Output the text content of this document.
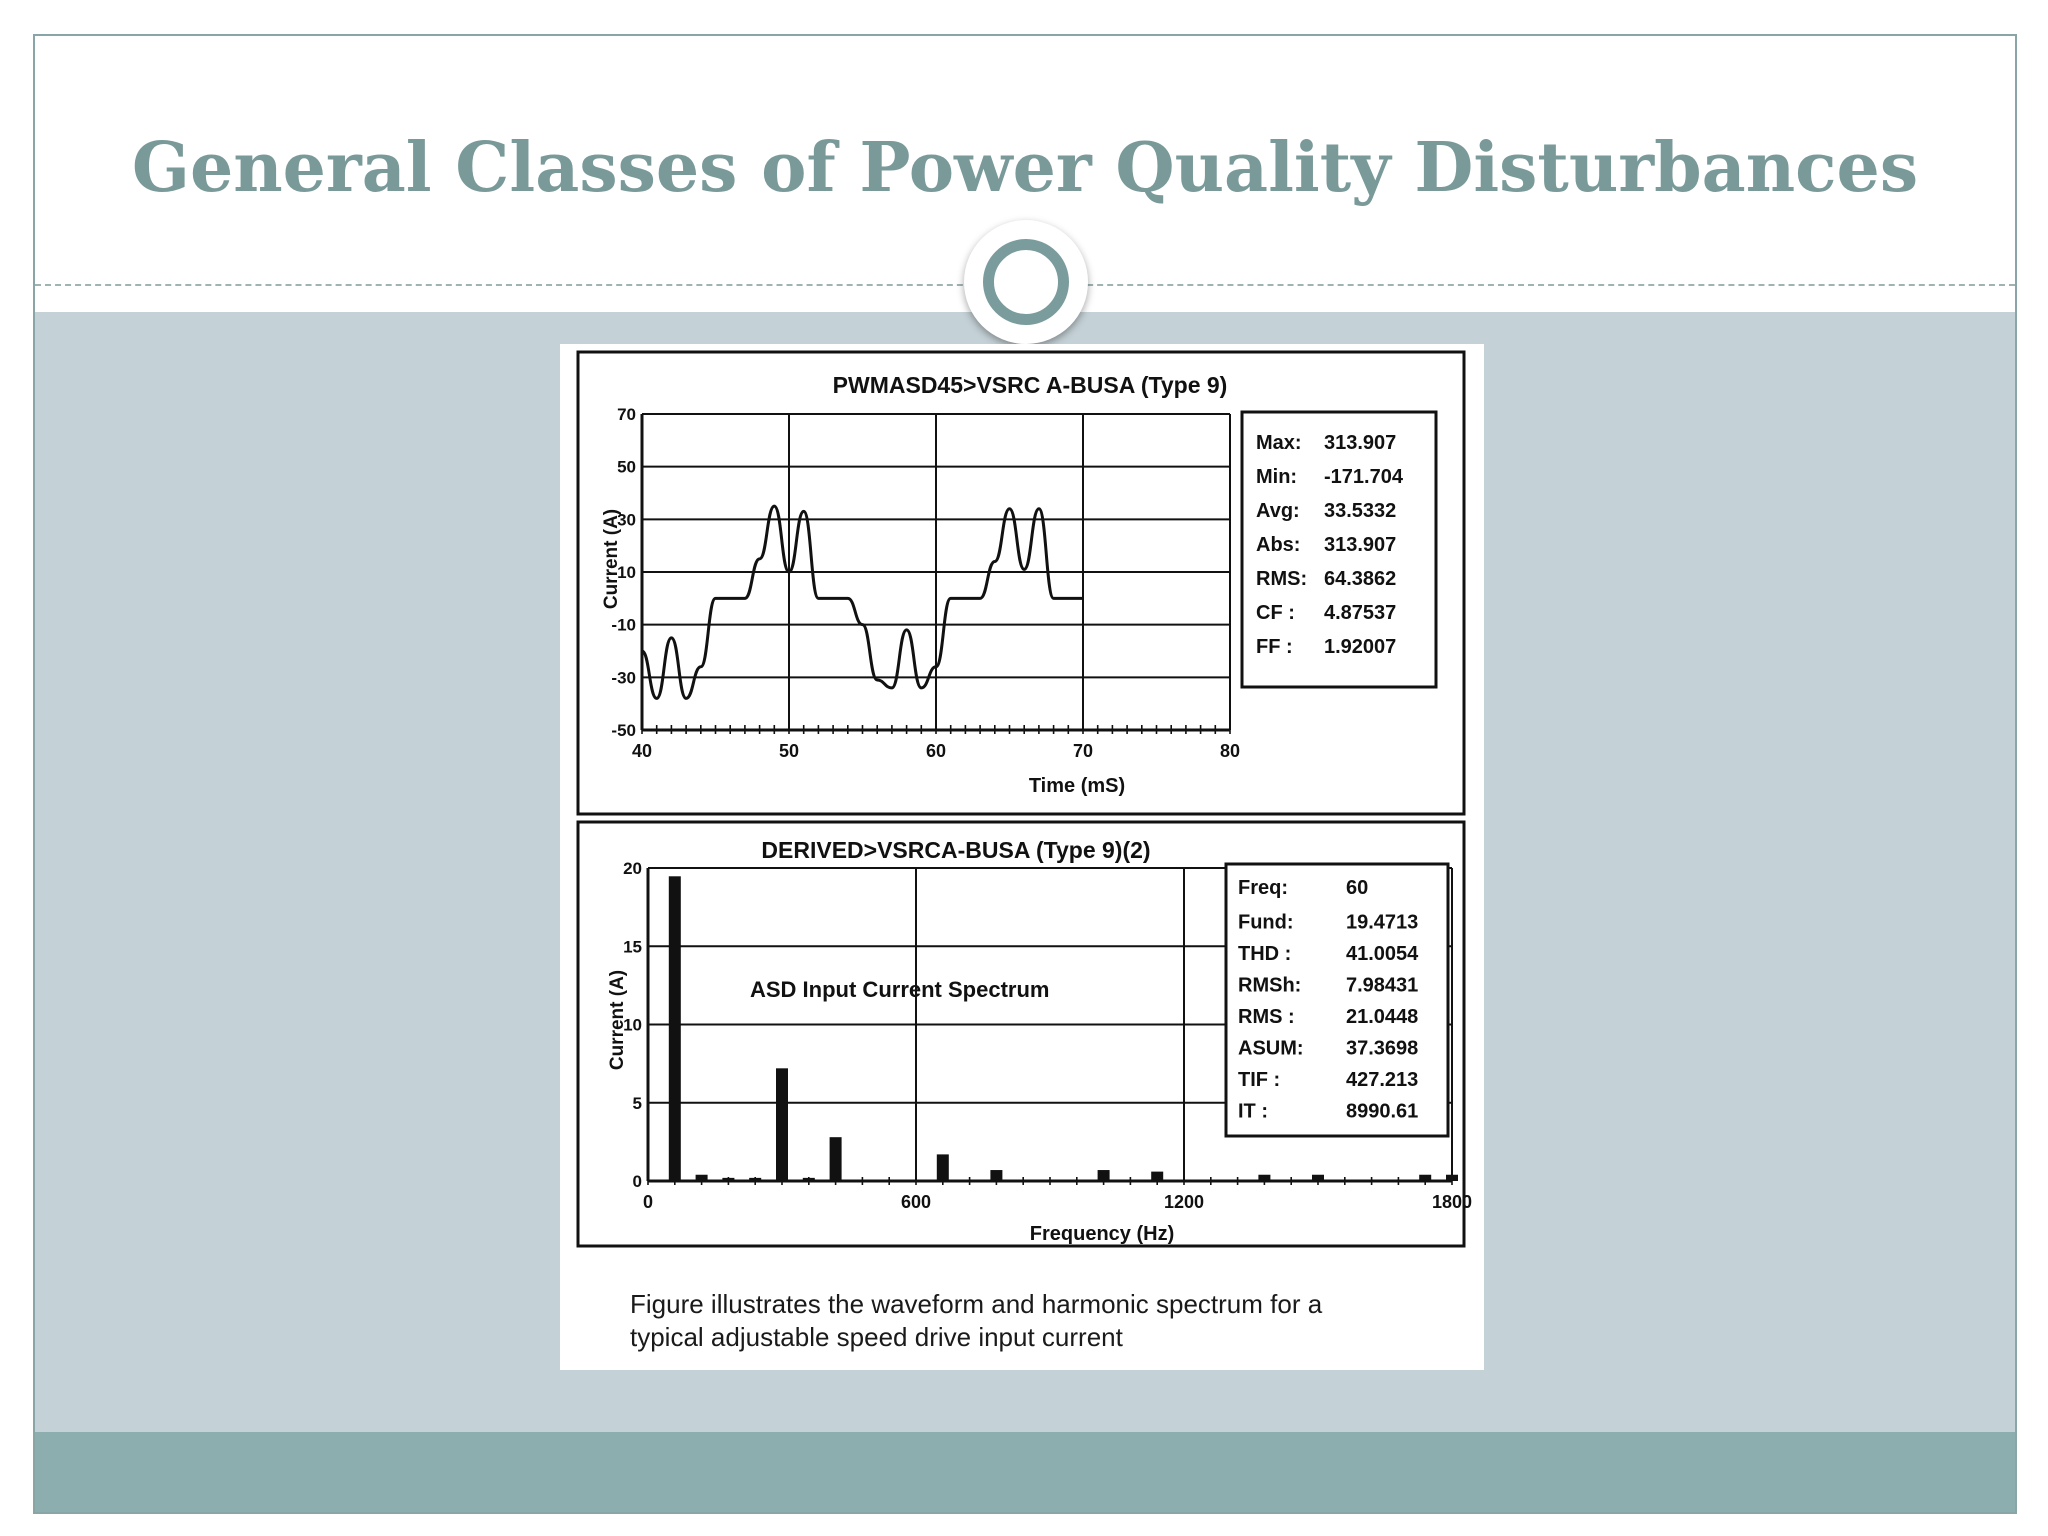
General Classes of Power Quality Disturbances
PWMASD45>VSRC A-BUSA (Type 9)
70
50
30
10
-10
-30
-50
40	50	60	70	80
Current (A)
Time (mS)
Max: 313.907
Min: -171.704
Avg: 33.5332
Abs: 313.907
RMS: 64.3862
CF : 4.87537
FF : 1.92007
DERIVED>VSRCA-BUSA (Type 9)(2)
20
15
10
5
0
0	600	1200	1800
ASD Input Current Spectrum
Current (A)
Frequency (Hz)
Freq:	60
Fund:	19.4713
THD :	41.0054
RMSh: 7.98431
RMS :	21.0448
ASUM: 37.3698
TIF :	427.213
IT :	8990.61
Figure illustrates the waveform and harmonic spectrum for a
typical adjustable speed drive input current
